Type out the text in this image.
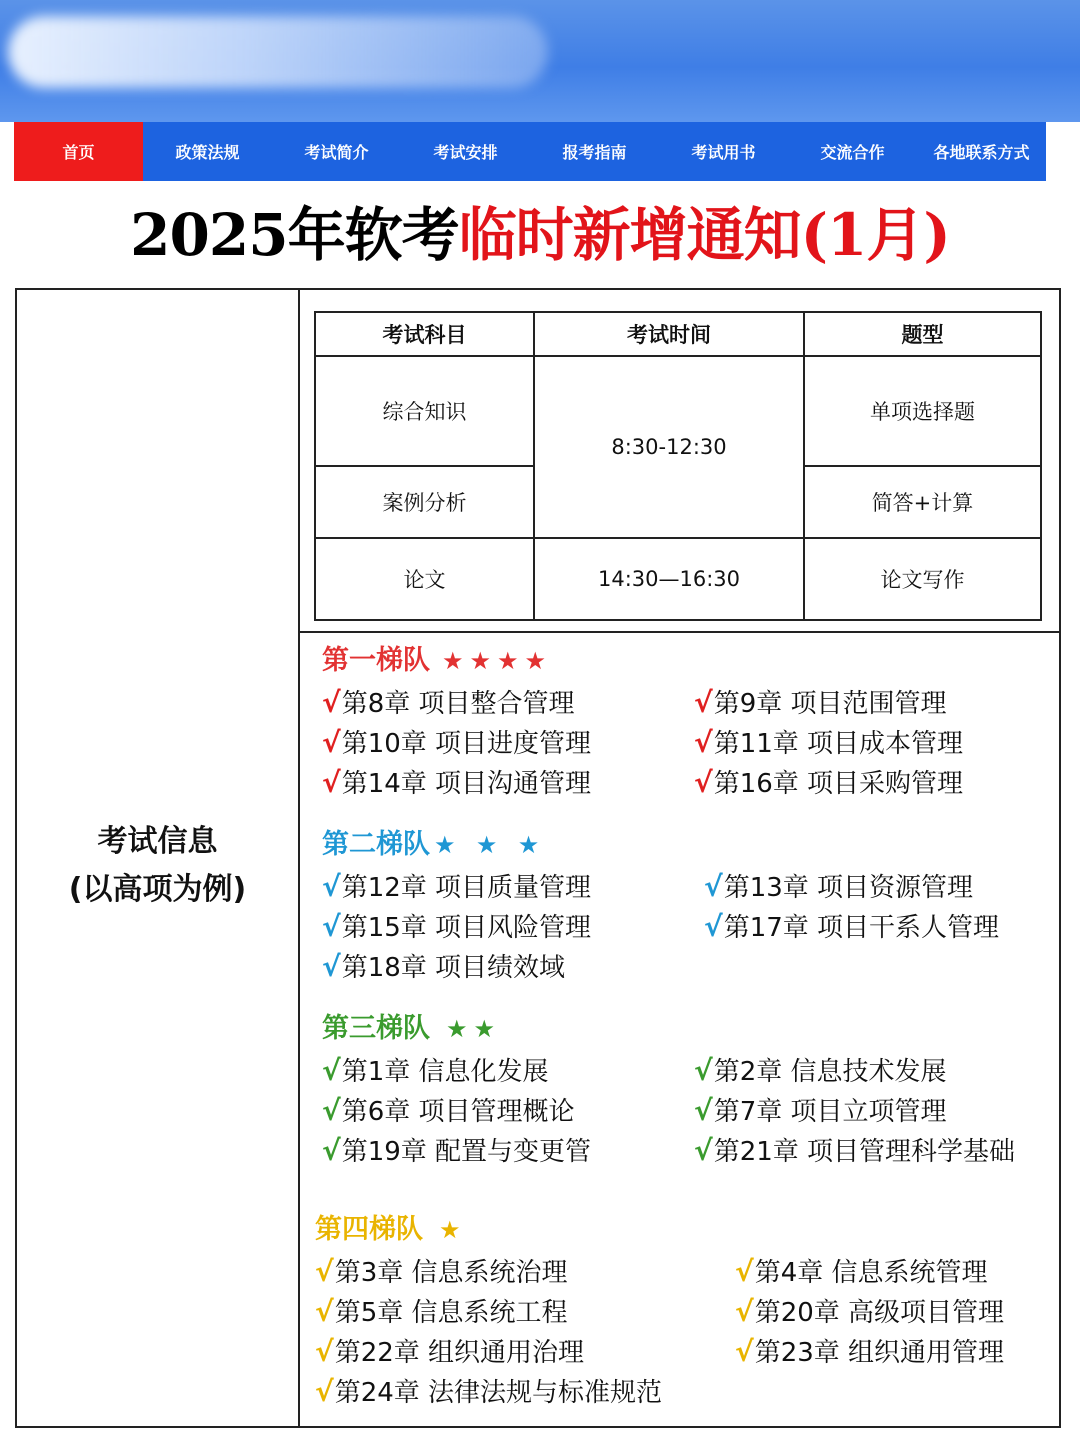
首页	政策法规	考试简介	考试安排	报考指南	考试用书	交流合作	各地联系方式
2025年软考临时新增通知(1月)
考试信息
(以高项为例)
考试科目	考试时间	题型
综合知识	8:30-12:30	单项选择题
案例分析		简答+计算
论文	14:30—16:30	论文写作
第一梯队 ★★★★
√第8章 项目整合管理	√第9章 项目范围管理
√第10章 项目进度管理	√第11章 项目成本管理
√第14章 项目沟通管理	√第16章 项目采购管理
第二梯队 ★ ★ ★
√第12章 项目质量管理	√第13章 项目资源管理
√第15章 项目风险管理	√第17章 项目干系人管理
√第18章 项目绩效域
第三梯队 ★★
√第1章 信息化发展	√第2章 信息技术发展
√第6章 项目管理概论	√第7章 项目立项管理
√第19章 配置与变更管	√第21章 项目管理科学基础
第四梯队 ★
√第3章 信息系统治理	√第4章 信息系统管理
√第5章 信息系统工程	√第20章 高级项目管理
√第22章 组织通用治理	√第23章 组织通用管理
√第24章 法律法规与标准规范
